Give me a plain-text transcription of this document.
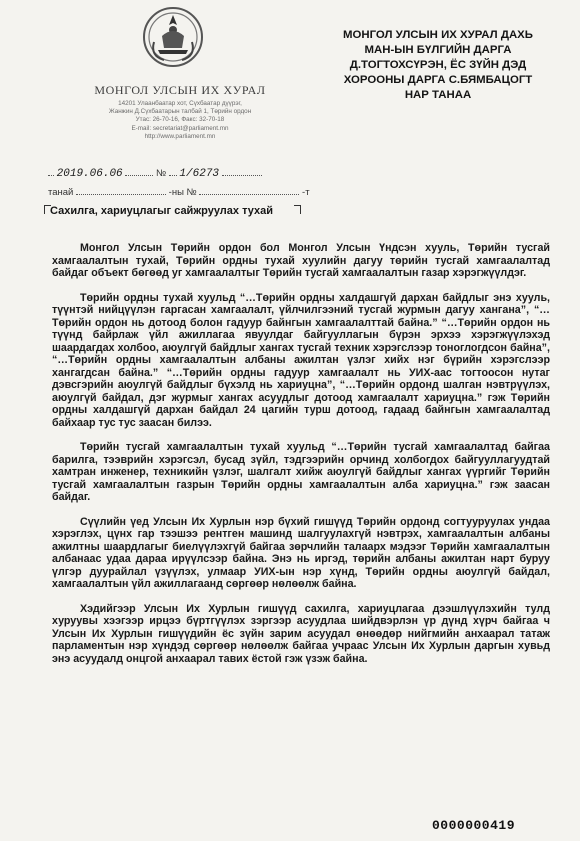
МОНГОЛ УЛСЫН ИХ ХУРАЛ
14201 Улаанбаатар хот, Сүхбаатар дүүрэг,
Жанжин Д.Сүхбаатарын талбай 1, Төрийн ордон
Утас: 26-70-16, Факс: 32-70-18
E-mail: secretariat@parliament.mn
http://www.parliament.mn
МОНГОЛ УЛСЫН ИХ ХУРАЛ ДАХЬ
МАН-ЫН БҮЛГИЙН ДАРГА
Д.ТОГТОХСҮРЭН, ЁС ЗҮЙН ДЭД
ХОРООНЫ ДАРГА С.БЯМБАЦОГТ
НАР ТАНАА
2019.06.06	№ 1/6273
танай	-ны №	-т
Сахилга, хариуцлагыг сайжруулах тухай

Монгол Улсын Төрийн ордон бол Монгол Улсын Үндсэн хууль, Төрийн тусгай хамгаалалтын тухай, Төрийн ордны тухай хуулийн дагуу төрийн тусгай хамгаалалтад байдаг объект бөгөөд уг хамгаалалтыг Төрийн тусгай хамгаалалтын газар хэрэгжүүлдэг.

Төрийн ордны тухай хуульд “…Төрийн ордны халдашгүй дархан байдлыг энэ хууль, түүнтэй нийцүүлэн гаргасан хамгаалалт, үйлчилгээний тусгай журмын дагуу хангана”, “…Төрийн ордон нь дотоод болон гадуур байнгын хамгаалалттай байна.” “…Төрийн ордон нь түүнд байрлаж үйл ажиллагаа явуулдаг байгууллагын бүрэн эрхээ хэрэгжүүлэхэд шаардагдах холбоо, аюулгүй байдлыг хангах тусгай техник хэрэгслээр тоноглогдсон байна”, “…Төрийн ордны хамгаалалтын албаны ажилтан үзлэг хийх нэг бүрийн хэрэгслээр хангагдсан байна.” “…Төрийн ордны гадуур хамгаалалт нь УИХ-аас тогтоосон нутаг дэвсгэрийн аюулгүй байдлыг бүхэлд нь хариуцна”, “…Төрийн ордонд шалган нэвтрүүлэх, аюулгүй байдал, дэг журмыг хангах асуудлыг дотоод хамгаалалт хариуцна.” гэж Төрийн ордны халдашгүй дархан байдал 24 цагийн турш дотоод, гадаад байнгын хамгаалалтад байхаар тус тус заасан билээ.

Төрийн тусгай хамгаалалтын тухай хуульд “…Төрийн тусгай хамгаалалтад байгаа барилга, тээврийн хэрэгсэл, бусад зүйл, тэдгээрийн орчинд холбогдох байгууллагуудтай хамтран инженер, техникийн үзлэг, шалгалт хийж аюулгүй байдлыг хангах үүргийг Төрийн тусгай хамгаалалтын газрын Төрийн ордны хамгаалалтын алба хариуцна.” гэж заасан байдаг.

Сүүлийн үед Улсын Их Хурлын нэр бүхий гишүүд Төрийн ордонд согтууруулах ундаа хэрэглэх, цүнх гар тээшээ рентген машинд шалгуулахгүй нэвтрэх, хамгаалалтын албаны ажилтны шаардлагыг биелүүлэхгүй байгаа зөрчлийн талаарх мэдээг Төрийн хамгаалалтын албанаас удаа дараа ирүүлсээр байна. Энэ нь иргэд, төрийн албаны ажилтан нарт буруу үлгэр дуурайлал үзүүлэх, улмаар УИХ-ын нэр хүнд, Төрийн ордны аюулгүй байдал, хамгаалалтын үйл ажиллагаанд сөргөөр нөлөөлж байна.

Хэдийгээр Улсын Их Хурлын гишүүд сахилга, хариуцлагаа дээшлүүлэхийн тулд хуруувы хээгээр ирцээ бүртгүүлэх зэргээр асуудлаа шийдвэрлэн үр дүнд хүрч байгаа ч Улсын Их Хурлын гишүүдийн ёс зүйн зарим асуудал өнөөдөр нийгмийн анхаарал татаж парламентын нэр хүндэд сөргөөр нөлөөлж байгаа учраас Улсын Их Хурлын даргын хувьд энэ асуудалд онцгой анхаарал тавих ёстой гэж үзэж байна.

0000000419
